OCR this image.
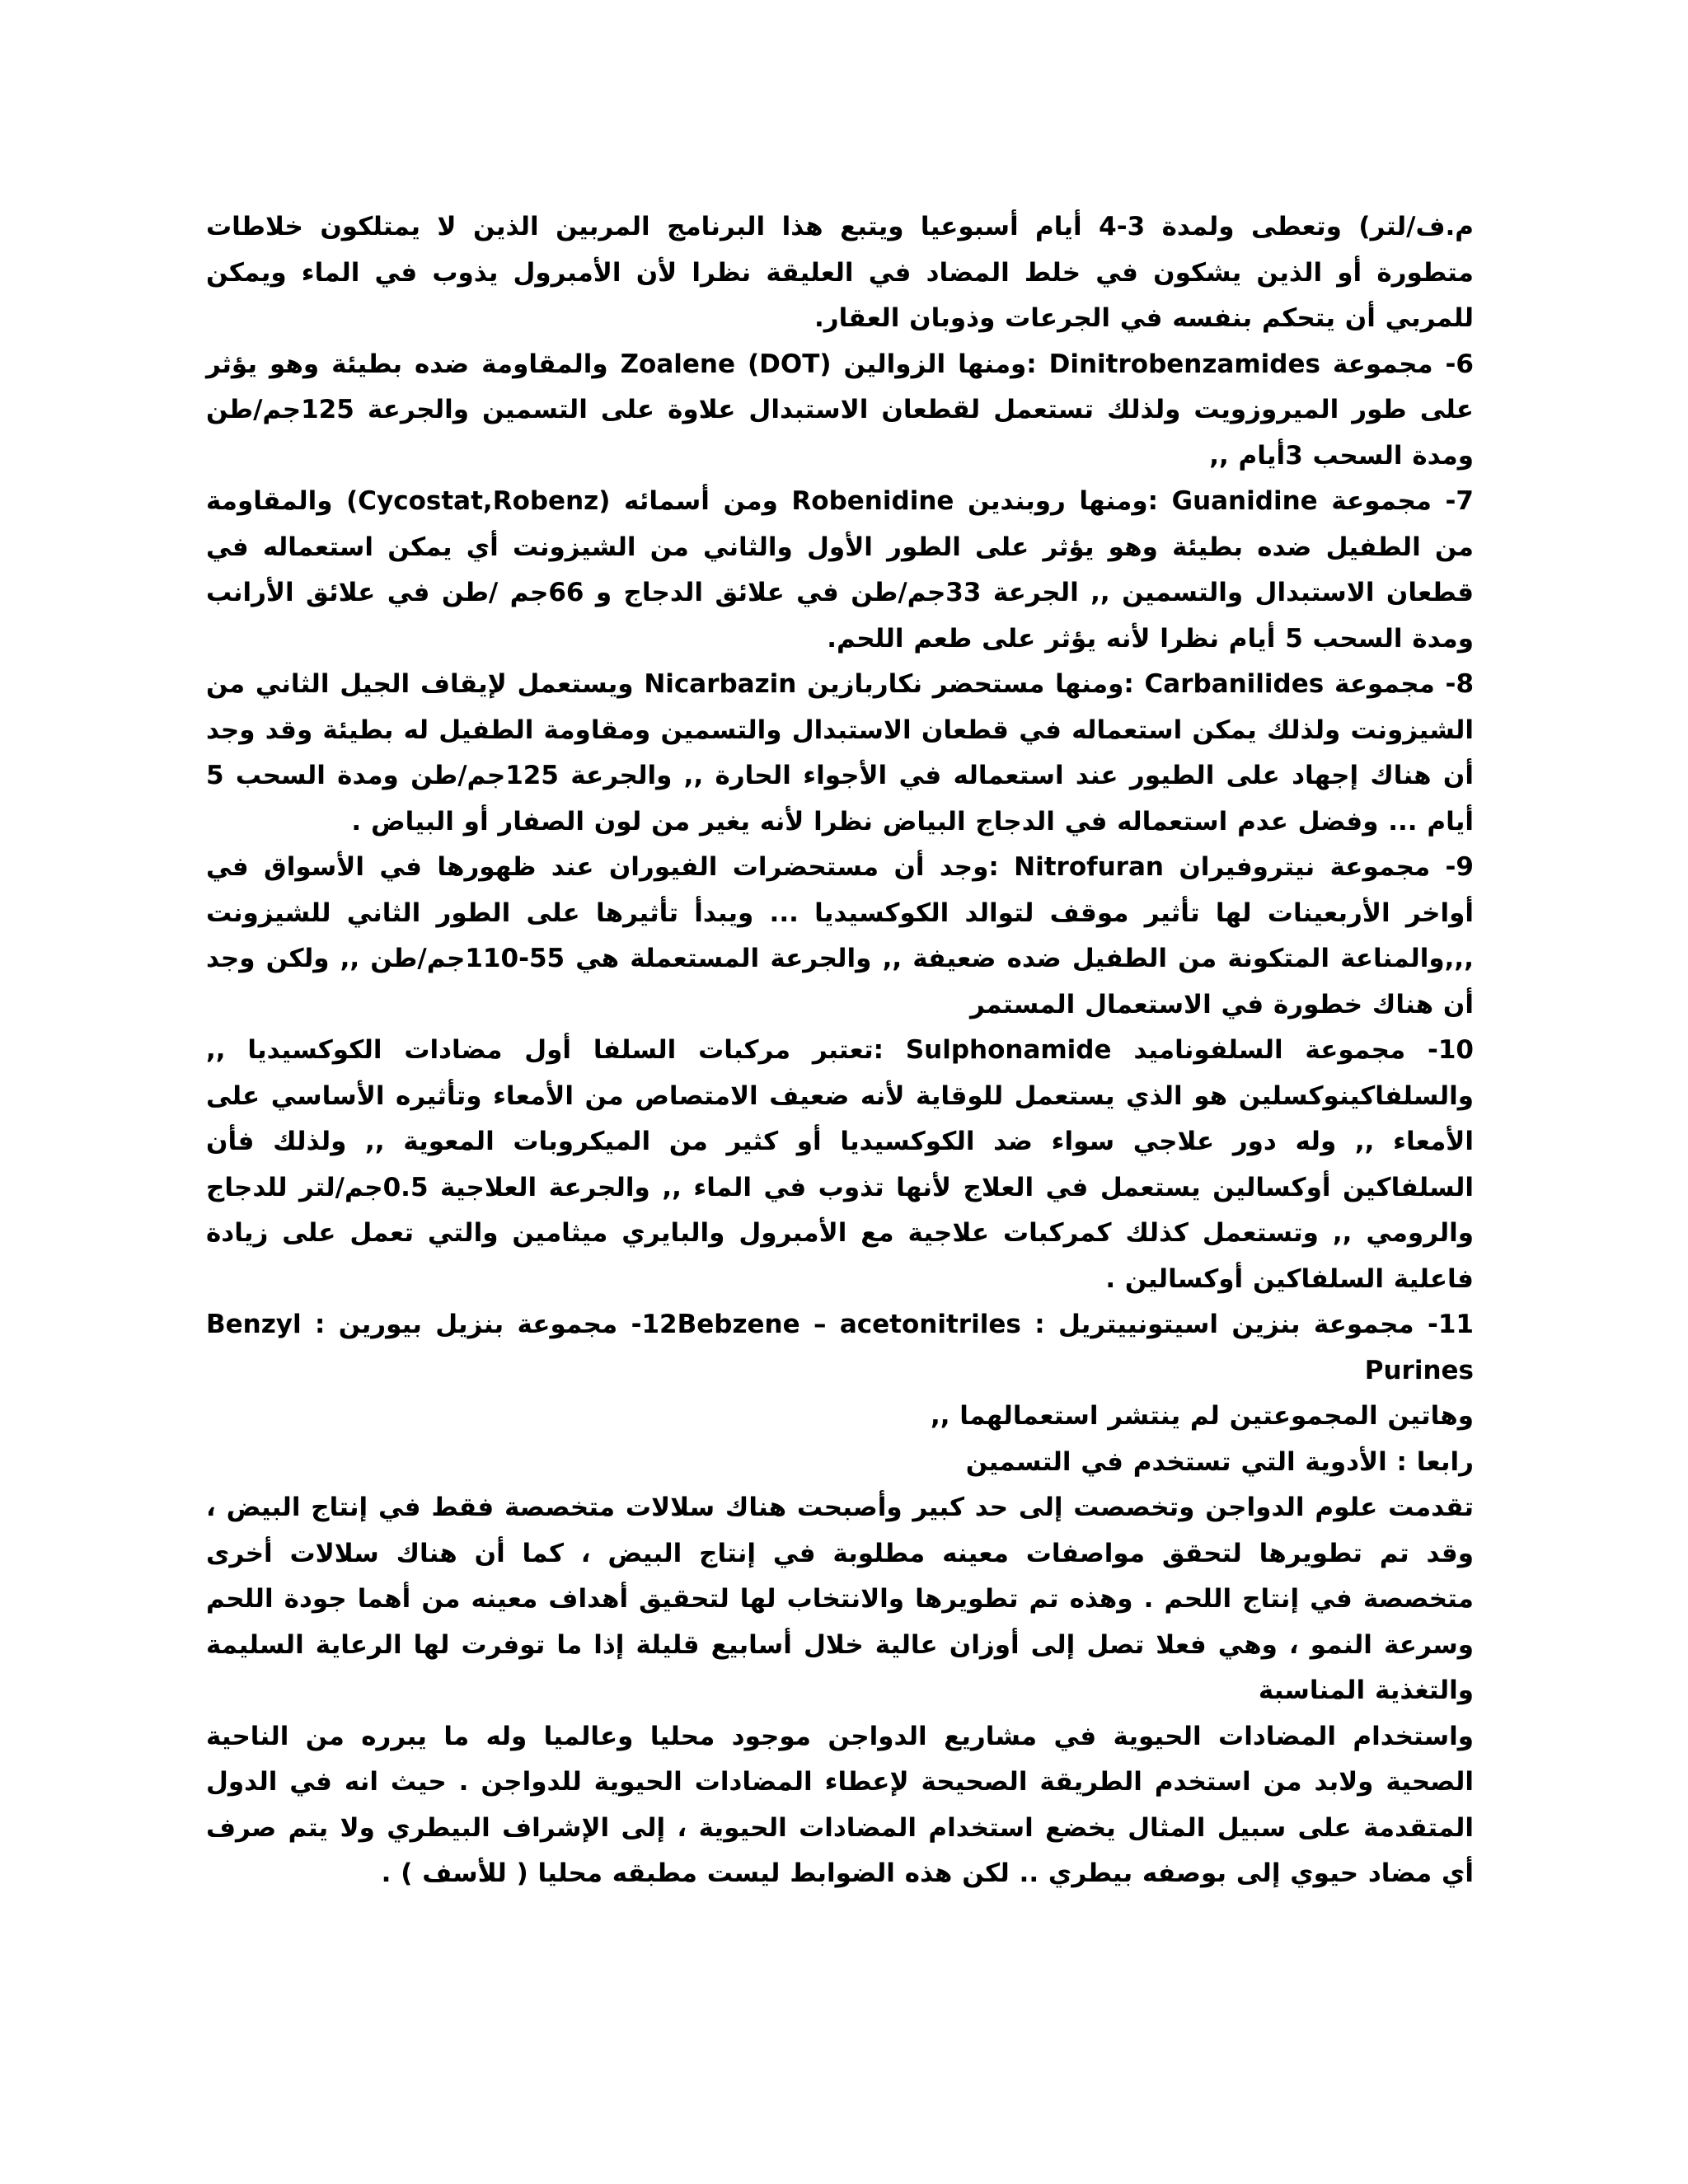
م.ف/لتر) وتعطى ولمدة 3-4 أيام أسبوعيا ويتبع هذا البرنامج المربين الذين لا يمتلكون خلاطات متطورة أو الذين يشكون في خلط المضاد في العليقة نظرا لأن الأمبرول يذوب في الماء ويمكن للمربي أن يتحكم بنفسه في الجرعات وذوبان العقار.

6- مجموعة Dinitrobenzamides :ومنها الزوالين (DOT) Zoalene والمقاومة ضده بطيئة وهو يؤثر على طور الميروزويت ولذلك تستعمل لقطعان الاستبدال علاوة على التسمين والجرعة 125جم/طن ومدة السحب 3أيام ,,

7- مجموعة Guanidine :ومنها روبندين Robenidine ومن أسمائه (Cycostat,Robenz) والمقاومة من الطفيل ضده بطيئة وهو يؤثر على الطور الأول والثاني من الشيزونت أي يمكن استعماله في قطعان الاستبدال والتسمين ,, الجرعة 33جم/طن في علائق الدجاج و 66جم /طن في علائق الأرانب ومدة السحب 5 أيام نظرا لأنه يؤثر على طعم اللحم.

8- مجموعة Carbanilides :ومنها مستحضر نكاربازين Nicarbazin ويستعمل لإيقاف الجيل الثاني من الشيزونت ولذلك يمكن استعماله في قطعان الاستبدال والتسمين ومقاومة الطفيل له بطيئة وقد وجد أن هناك إجهاد على الطيور عند استعماله في الأجواء الحارة ,, والجرعة 125جم/طن ومدة السحب 5 أيام ... وفضل عدم استعماله في الدجاج البياض نظرا لأنه يغير من لون الصفار أو البياض .

9- مجموعة نيتروفيران Nitrofuran :وجد أن مستحضرات الفيوران عند ظهورها في الأسواق في أواخر الأربعينات لها تأثير موقف لتوالد الكوكسيديا ... ويبدأ تأثيرها على الطور الثاني للشيزونت ,,,والمناعة المتكونة من الطفيل ضده ضعيفة ,, والجرعة المستعملة هي 55-110جم/طن ,, ولكن وجد أن هناك خطورة في الاستعمال المستمر

10- مجموعة السلفوناميد Sulphonamide :تعتبر مركبات السلفا أول مضادات الكوكسيديا ,, والسلفاكينوكسلين هو الذي يستعمل للوقاية لأنه ضعيف الامتصاص من الأمعاء وتأثيره الأساسي على الأمعاء ,, وله دور علاجي سواء ضد الكوكسيديا أو كثير من الميكروبات المعوية ,, ولذلك فأن السلفاكين أوكسالين يستعمل في العلاج لأنها تذوب في الماء ,, والجرعة العلاجية 0.5جم/لتر للدجاج والرومي ,, وتستعمل كذلك كمركبات علاجية مع الأمبرول والبايري ميثامين والتي تعمل على زيادة فاعلية السلفاكين أوكسالين .

11- مجموعة بنزين اسيتونييتريل : 12Bebzene – acetonitriles- مجموعة بنزيل بيورين Benzyl : Purines

وهاتين المجموعتين لم ينتشر استعمالهما ,,

رابعا : الأدوية التي تستخدم في التسمين

تقدمت علوم الدواجن وتخصصت إلى حد كبير وأصبحت هناك سلالات متخصصة فقط في إنتاج البيض ، وقد تم تطويرها لتحقق مواصفات معينه مطلوبة في إنتاج البيض ، كما أن هناك سلالات أخرى متخصصة في إنتاج اللحم . وهذه تم تطويرها والانتخاب لها لتحقيق أهداف معينه من أهما جودة اللحم وسرعة النمو ، وهي فعلا تصل إلى أوزان عالية خلال أسابيع قليلة إذا ما توفرت لها الرعاية السليمة والتغذية المناسبة

واستخدام المضادات الحيوية في مشاريع الدواجن موجود محليا وعالميا وله ما يبرره من الناحية الصحية ولابد من استخدم الطريقة الصحيحة لإعطاء المضادات الحيوية للدواجن . حيث انه في الدول المتقدمة على سبيل المثال يخضع استخدام المضادات الحيوية ، إلى الإشراف البيطري ولا يتم صرف أي مضاد حيوي إلى بوصفه بيطري .. لكن هذه الضوابط ليست مطبقه محليا ( للأسف ) .
